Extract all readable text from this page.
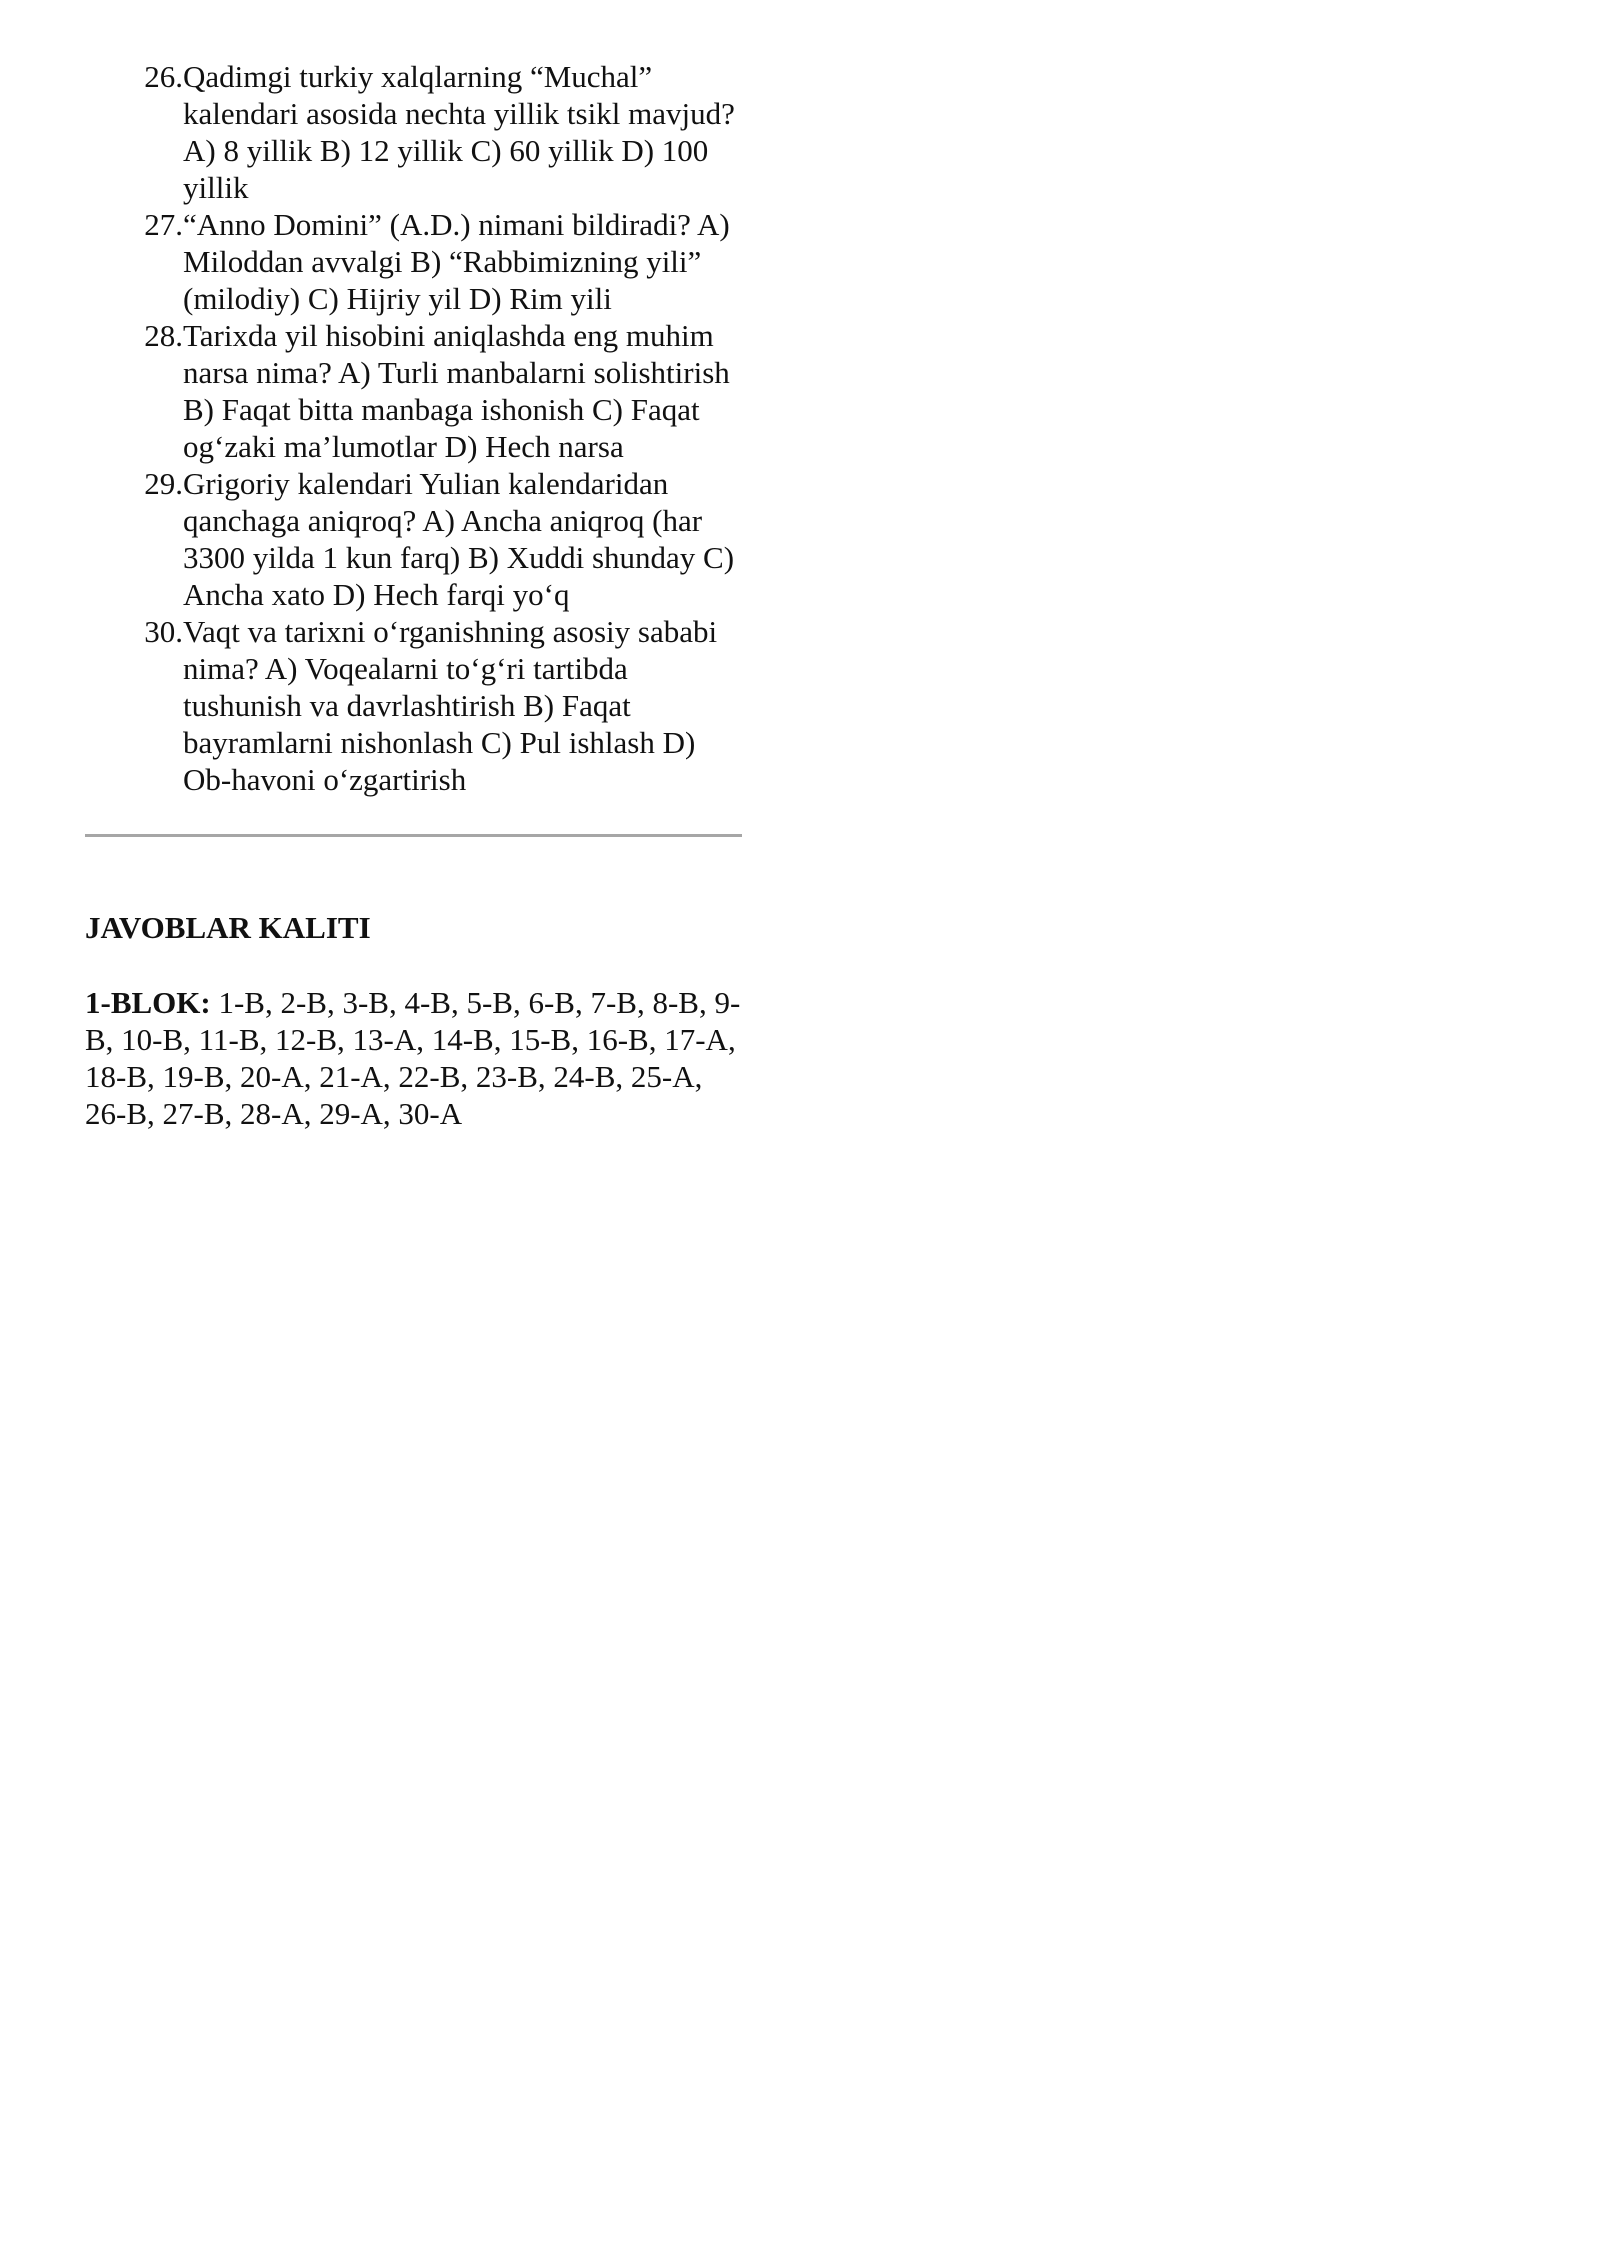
26. Qadimgi turkiy xalqlarning “Muchal” kalendari asosida nechta yillik tsikl mavjud? A) 8 yillik B) 12 yillik C) 60 yillik D) 100 yillik
27. “Anno Domini” (A.D.) nimani bildiradi? A) Miloddan avvalgi B) “Rabbimizning yili” (milodiy) C) Hijriy yil D) Rim yili
28. Tarixda yil hisobini aniqlashda eng muhim narsa nima? A) Turli manbalarni solishtirish B) Faqat bitta manbaga ishonish C) Faqat og‘zaki ma’lumotlar D) Hech narsa
29. Grigoriy kalendari Yulian kalendaridan qanchaga aniqroq? A) Ancha aniqroq (har 3300 yilda 1 kun farq) B) Xuddi shunday C) Ancha xato D) Hech farqi yo‘q
30. Vaqt va tarixni o‘rganishning asosiy sababi nima? A) Voqealarni to‘g‘ri tartibda tushunish va davrlashtirish B) Faqat bayramlarni nishonlash C) Pul ishlash D) Ob-havoni o‘zgartirish
JAVOBLAR KALITI
1-BLOK: 1-B, 2-B, 3-B, 4-B, 5-B, 6-B, 7-B, 8-B, 9-B, 10-B, 11-B, 12-B, 13-A, 14-B, 15-B, 16-B, 17-A, 18-B, 19-B, 20-A, 21-A, 22-B, 23-B, 24-B, 25-A, 26-B, 27-B, 28-A, 29-A, 30-A
